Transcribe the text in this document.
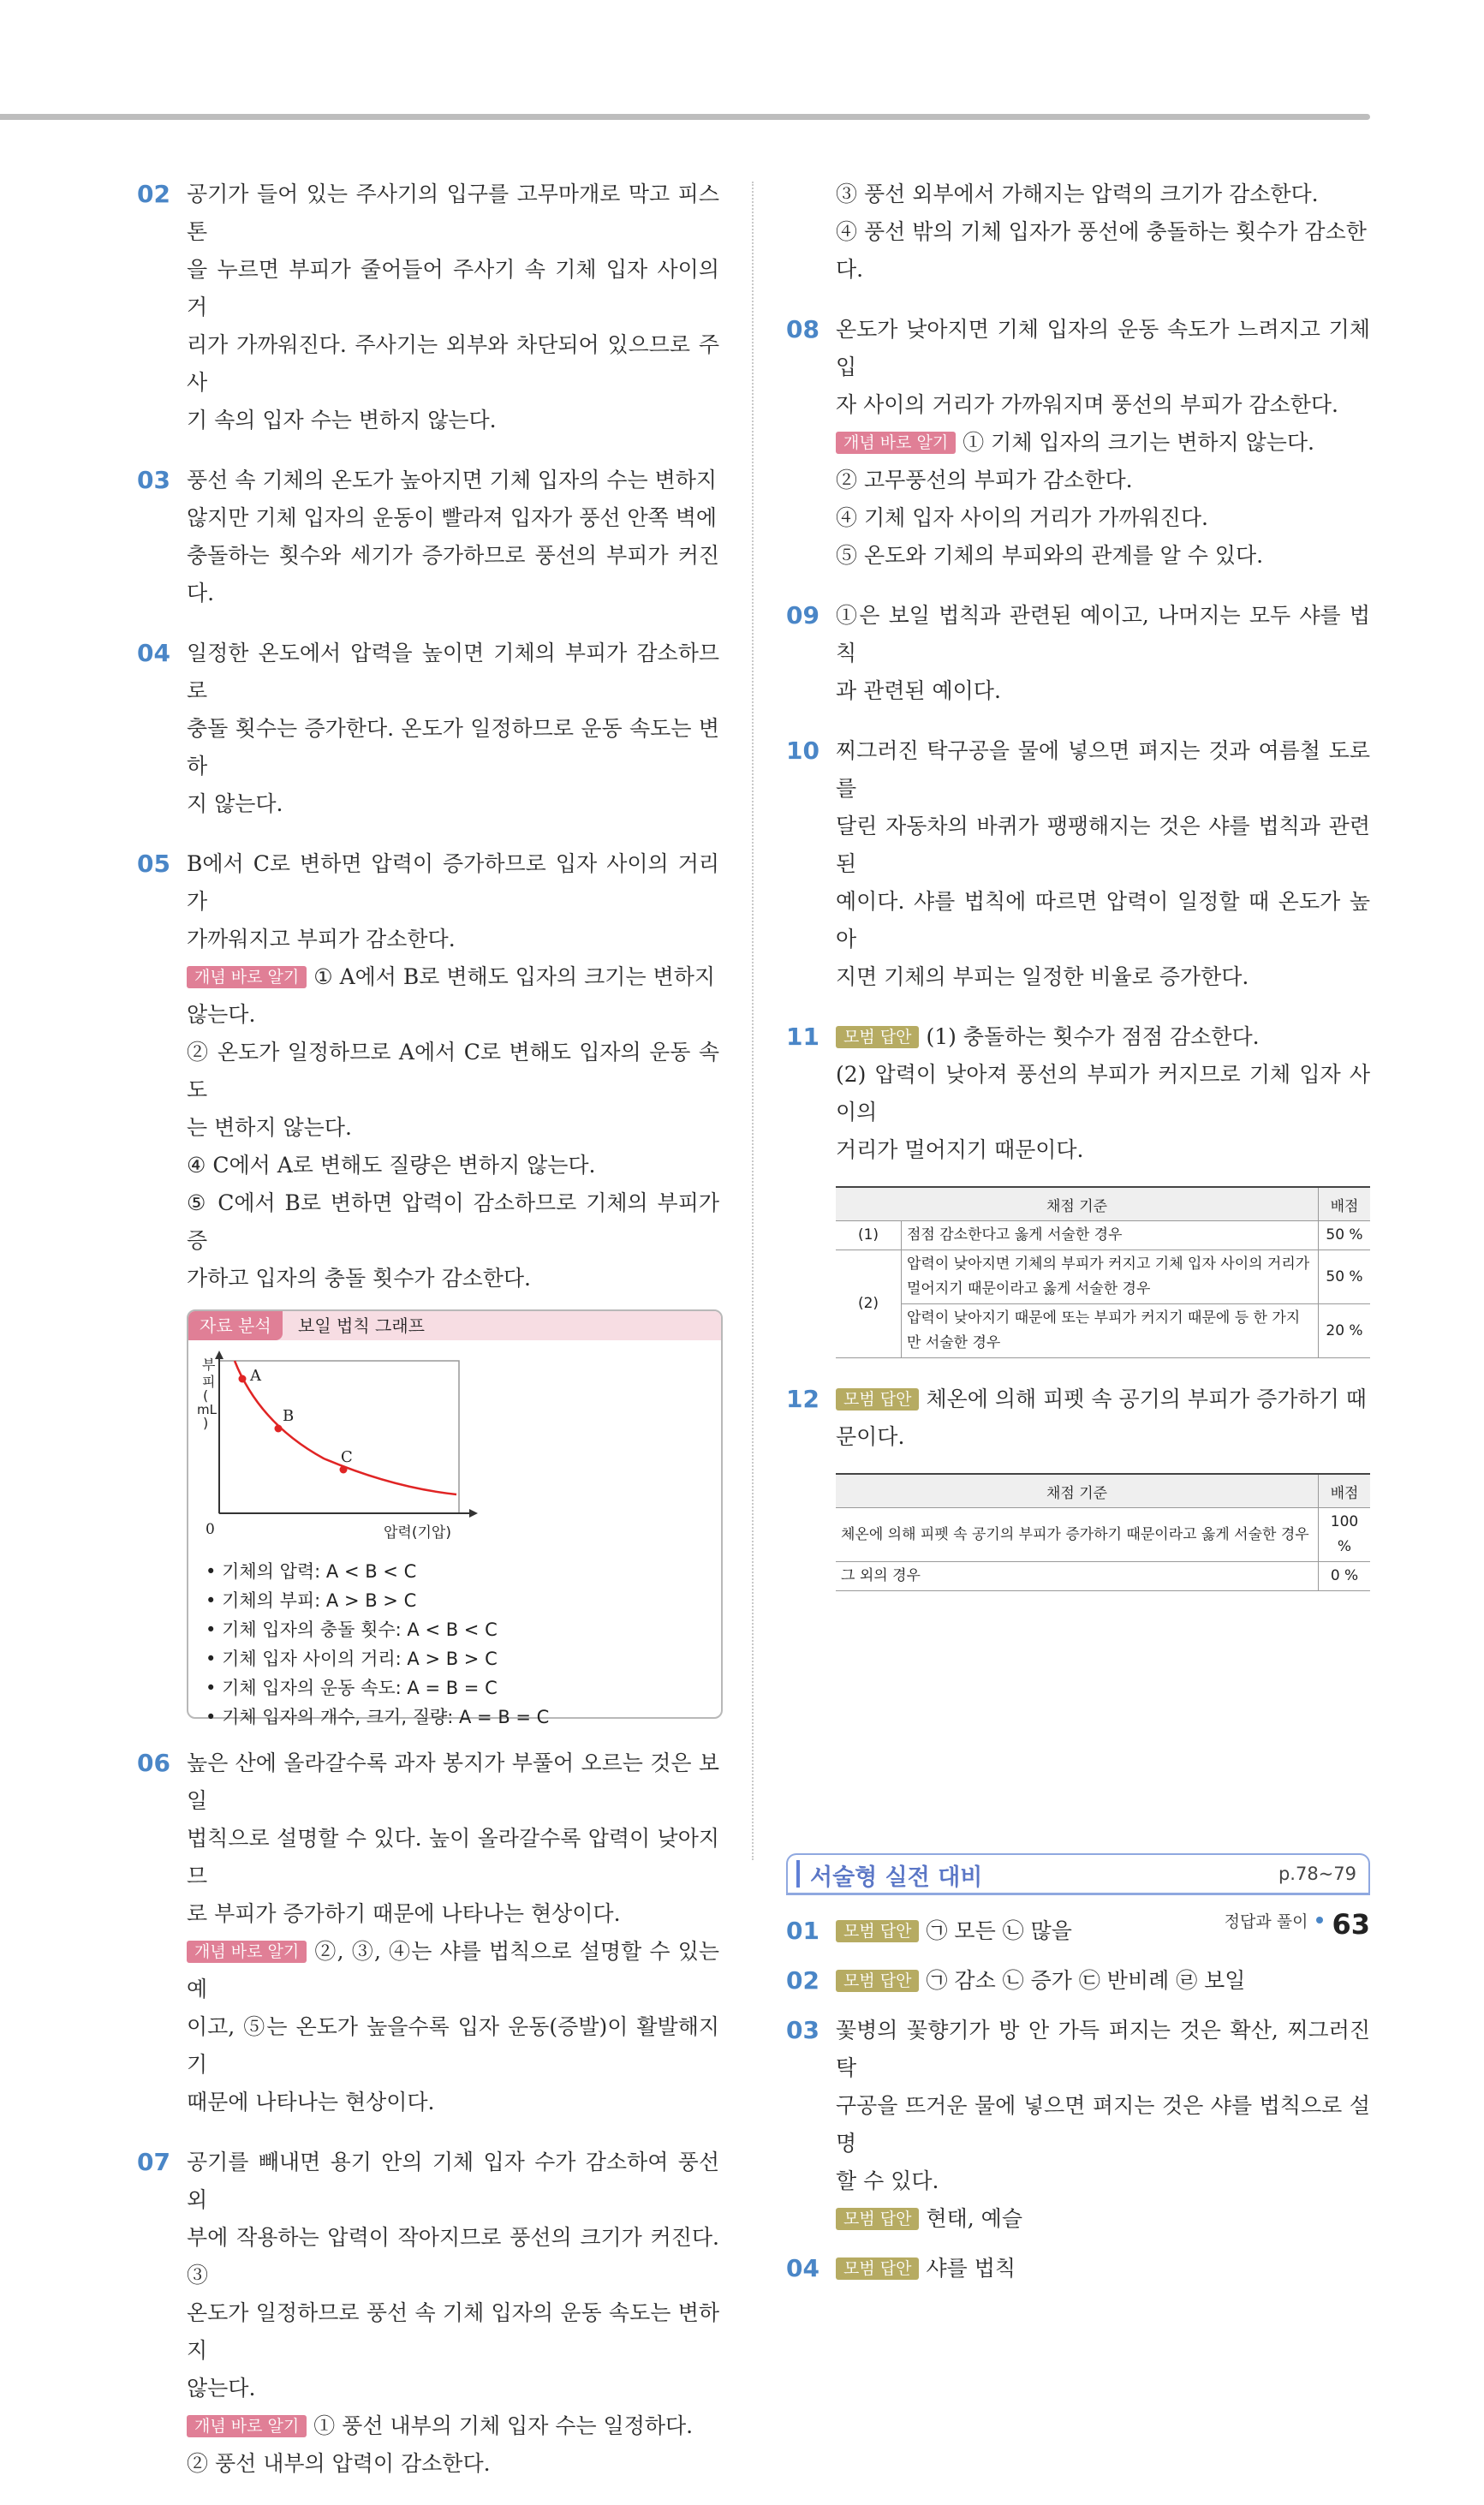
02 공기가 들어 있는 주사기의 입구를 고무마개로 막고 피스톤
을 누르면 부피가 줄어들어 주사기 속 기체 입자 사이의 거
리가 가까워진다. 주사기는 외부와 차단되어 있으므로 주사
기 속의 입자 수는 변하지 않는다.
03 풍선 속 기체의 온도가 높아지면 기체 입자의 수는 변하지
않지만 기체 입자의 운동이 빨라져 입자가 풍선 안쪽 벽에
충돌하는 횟수와 세기가 증가하므로 풍선의 부피가 커진다.
04 일정한 온도에서 압력을 높이면 기체의 부피가 감소하므로
충돌 횟수는 증가한다. 온도가 일정하므로 운동 속도는 변하
지 않는다.
05 B에서 C로 변하면 압력이 증가하므로 입자 사이의 거리가
가까워지고 부피가 감소한다.
개념 바로 알기 ① A에서 B로 변해도 입자의 크기는 변하지
않는다.
② 온도가 일정하므로 A에서 C로 변해도 입자의 운동 속도
는 변하지 않는다.
④ C에서 A로 변해도 질량은 변하지 않는다.
⑤ C에서 B로 변하면 압력이 감소하므로 기체의 부피가 증
가하고 입자의 충돌 횟수가 감소한다.
자료 분석	보일 법칙 그래프
A
B
C
부
피
(
mL
)
0	압력(기압)
• 기체의 압력: A < B < C
• 기체의 부피: A > B > C
• 기체 입자의 충돌 횟수: A < B < C
• 기체 입자 사이의 거리: A > B > C
• 기체 입자의 운동 속도: A = B = C
• 기체 입자의 개수, 크기, 질량: A = B = C
06 높은 산에 올라갈수록 과자 봉지가 부풀어 오르는 것은 보일
법칙으로 설명할 수 있다. 높이 올라갈수록 압력이 낮아지므
로 부피가 증가하기 때문에 나타나는 현상이다.
개념 바로 알기 ②, ③, ④는 샤를 법칙으로 설명할 수 있는 예
이고, ⑤는 온도가 높을수록 입자 운동(증발)이 활발해지기
때문에 나타나는 현상이다.
07 공기를 빼내면 용기 안의 기체 입자 수가 감소하여 풍선 외
부에 작용하는 압력이 작아지므로 풍선의 크기가 커진다. ③
온도가 일정하므로 풍선 속 기체 입자의 운동 속도는 변하지
않는다.
개념 바로 알기 ① 풍선 내부의 기체 입자 수는 일정하다.
② 풍선 내부의 압력이 감소한다.
③ 풍선 외부에서 가해지는 압력의 크기가 감소한다.
④ 풍선 밖의 기체 입자가 풍선에 충돌하는 횟수가 감소한
다.
08 온도가 낮아지면 기체 입자의 운동 속도가 느려지고 기체 입
자 사이의 거리가 가까워지며 풍선의 부피가 감소한다.
개념 바로 알기 ① 기체 입자의 크기는 변하지 않는다.
② 고무풍선의 부피가 감소한다.
④ 기체 입자 사이의 거리가 가까워진다.
⑤ 온도와 기체의 부피와의 관계를 알 수 있다.
09 ①은 보일 법칙과 관련된 예이고, 나머지는 모두 샤를 법칙
과 관련된 예이다.
10 찌그러진 탁구공을 물에 넣으면 펴지는 것과 여름철 도로를
달린 자동차의 바퀴가 팽팽해지는 것은 샤를 법칙과 관련된
예이다. 샤를 법칙에 따르면 압력이 일정할 때 온도가 높아
지면 기체의 부피는 일정한 비율로 증가한다.
11	모범 답안 (1) 충돌하는 횟수가 점점 감소한다.
(2) 압력이 낮아져 풍선의 부피가 커지므로 기체 입자 사이의
거리가 멀어지기 때문이다.
채점 기준		배점
(1)	점점 감소한다고 옳게 서술한 경우	50 %
(2)	압력이 낮아지면 기체의 부피가 커지고 기체 입자 사이의 거리가 멀어지기 때문이라고 옳게 서술한 경우	50 %
	압력이 낮아지기 때문에 또는 부피가 커지기 때문에 등 한 가지만 서술한 경우	20 %
12	모범 답안 체온에 의해 피펫 속 공기의 부피가 증가하기 때
문이다.
채점 기준	배점
체온에 의해 피펫 속 공기의 부피가 증가하기 때문이라고 옳게 서술한 경우	100 %
그 외의 경우	0 %
서술형 실전 대비	p.78~79
01	모범 답안 ㉠ 모든 ㉡ 많을
02	모범 답안 ㉠ 감소 ㉡ 증가 ㉢ 반비례 ㉣ 보일
03 꽃병의 꽃향기가 방 안 가득 퍼지는 것은 확산, 찌그러진 탁
구공을 뜨거운 물에 넣으면 펴지는 것은 샤를 법칙으로 설명
할 수 있다.
모범 답안 현태, 예슬
04	모범 답안 샤를 법칙
정답과 풀이 63
